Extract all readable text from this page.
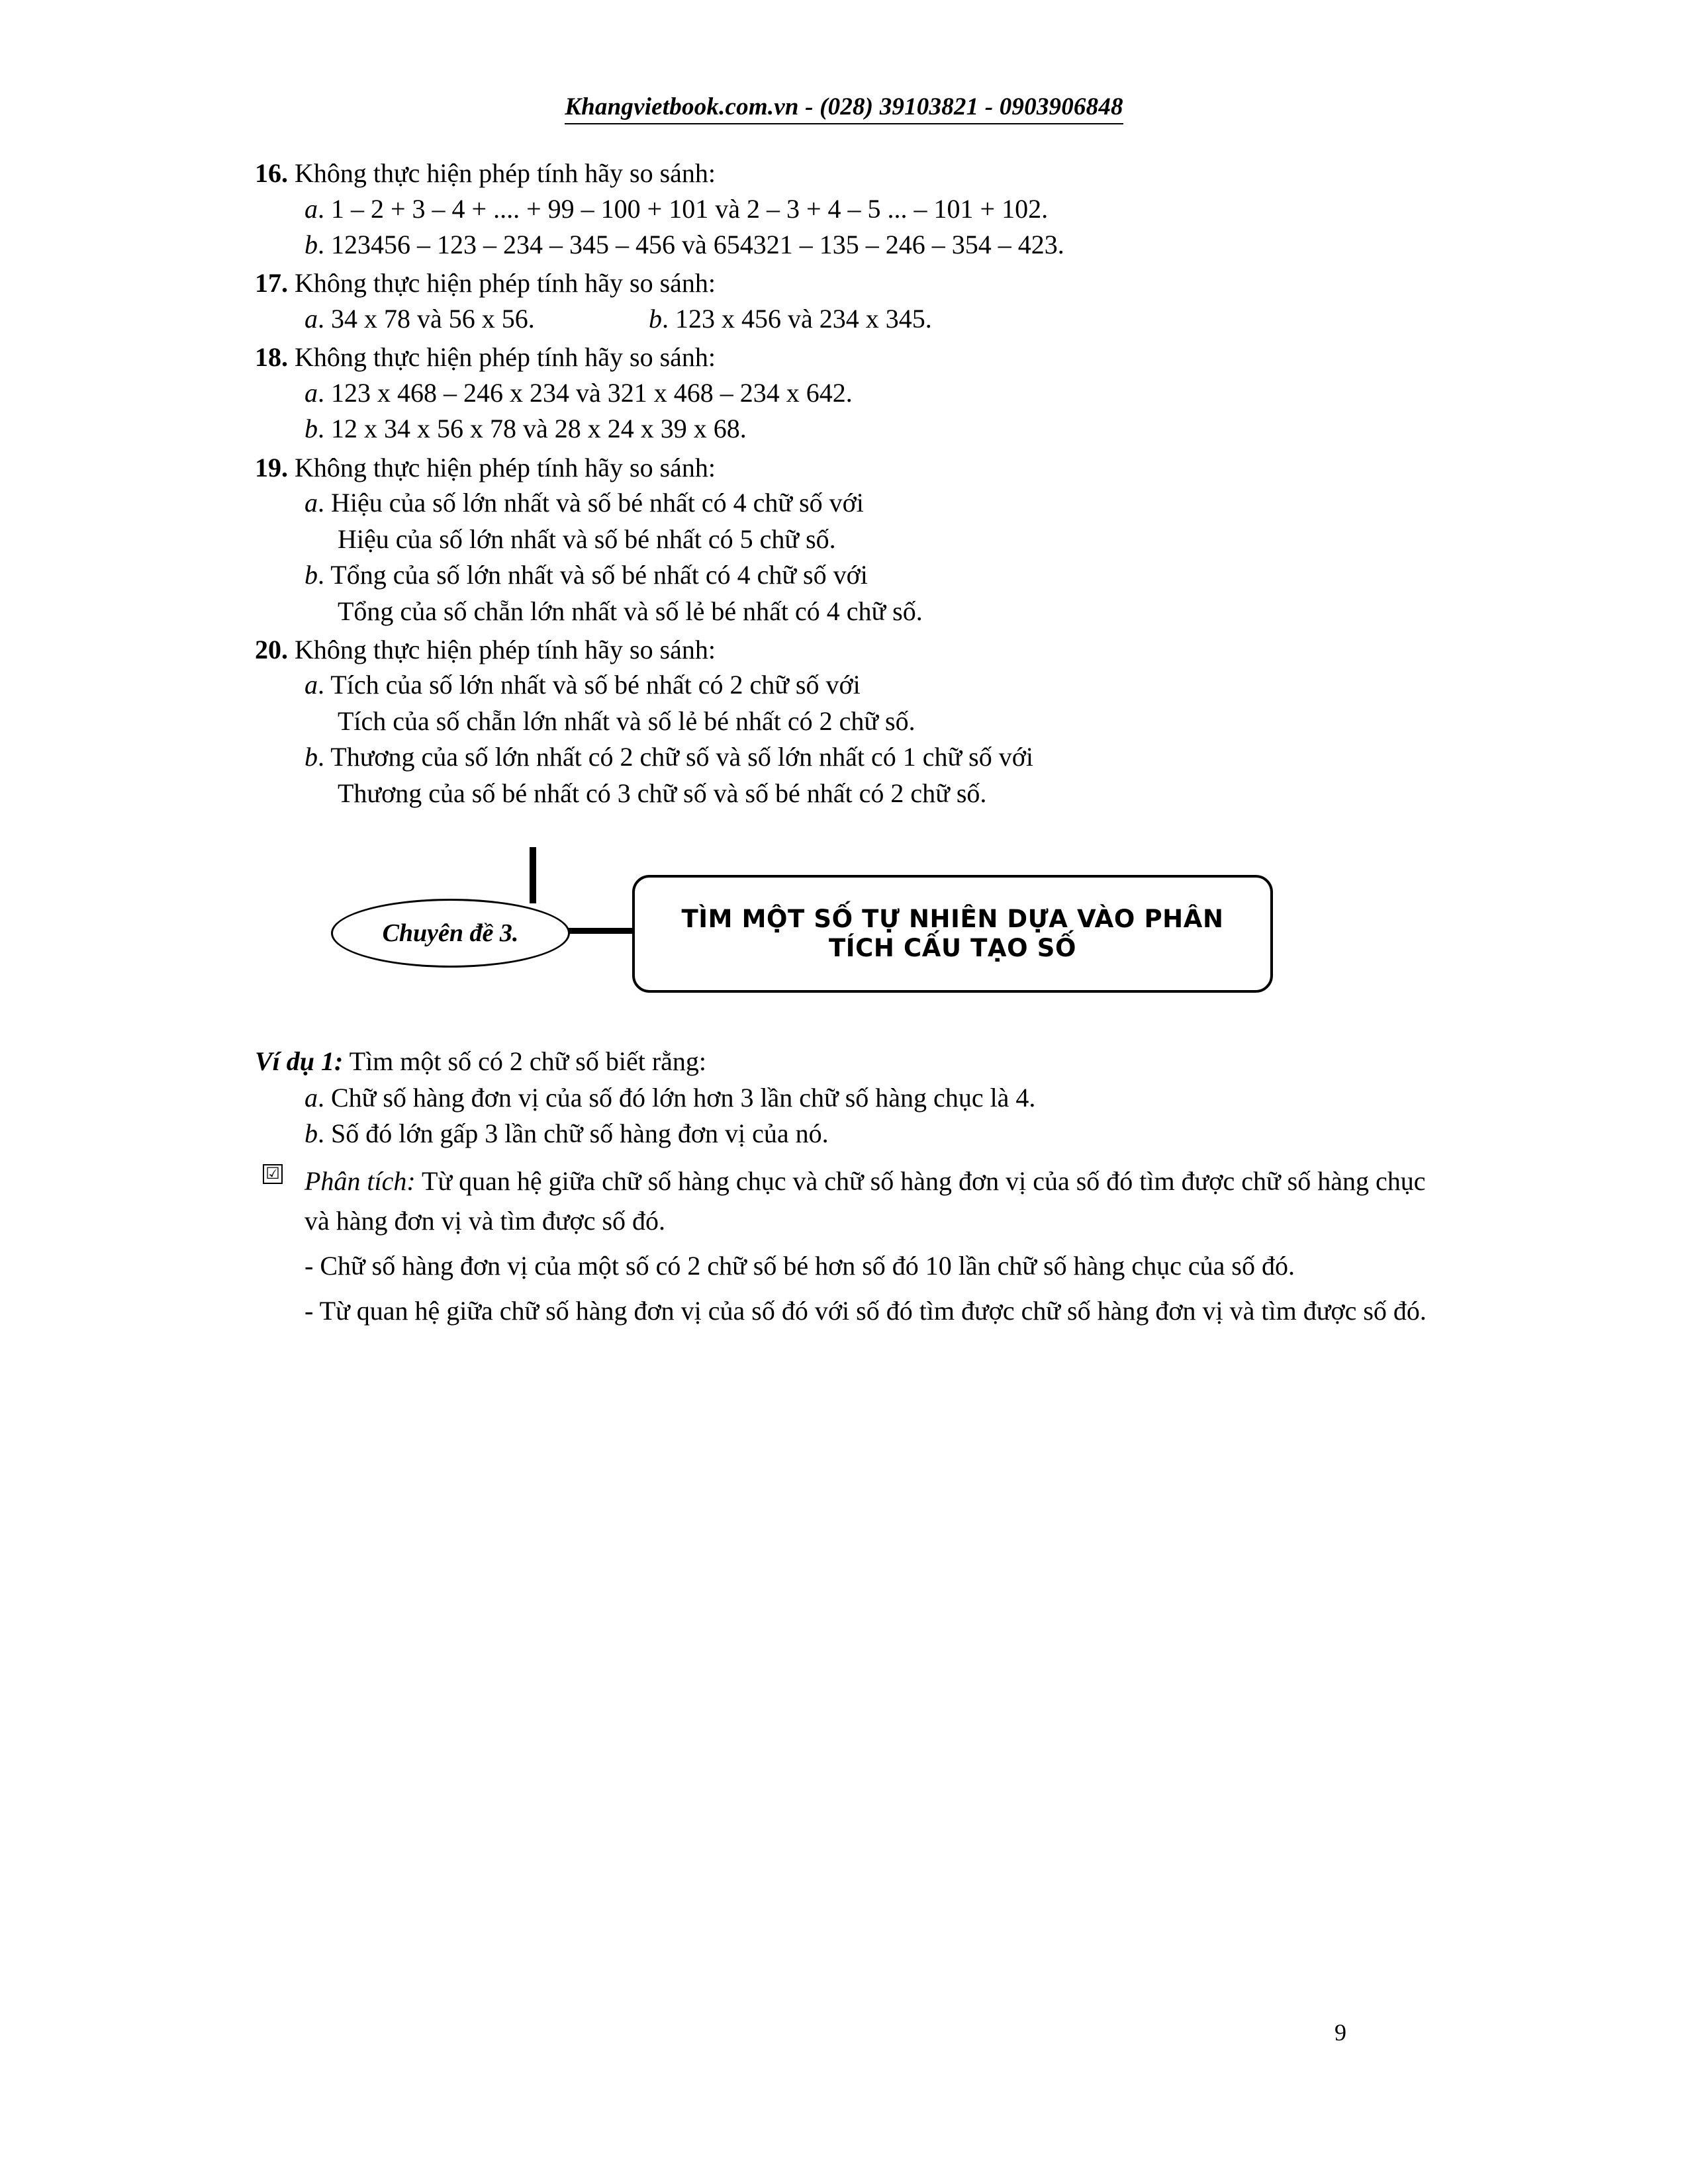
Khangvietbook.com.vn - (028) 39103821 - 0903906848
16. Không thực hiện phép tính hãy so sánh:
a. 1 – 2 + 3 – 4 + .... + 99 – 100 + 101 và 2 – 3 + 4 – 5 ... – 101 + 102.
b. 123456 – 123 – 234 – 345 – 456 và 654321 – 135 – 246 – 354 – 423.
17. Không thực hiện phép tính hãy so sánh:
a. 34 x 78 và 56 x 56.	b. 123 x 456 và 234 x 345.
18. Không thực hiện phép tính hãy so sánh:
a. 123 x 468 – 246 x 234 và 321 x 468 – 234 x 642.
b. 12 x 34 x 56 x 78 và 28 x 24 x 39 x 68.
19. Không thực hiện phép tính hãy so sánh:
a. Hiệu của số lớn nhất và số bé nhất có 4 chữ số với
Hiệu của số lớn nhất và số bé nhất có 5 chữ số.
b. Tổng của số lớn nhất và số bé nhất có 4 chữ số với
Tổng của số chẵn lớn nhất và số lẻ bé nhất có 4 chữ số.
20. Không thực hiện phép tính hãy so sánh:
a. Tích của số lớn nhất và số bé nhất có 2 chữ số với
Tích của số chẵn lớn nhất và số lẻ bé nhất có 2 chữ số.
b. Thương của số lớn nhất có 2 chữ số và số lớn nhất có 1 chữ số với
Thương của số bé nhất có 3 chữ số và số bé nhất có 2 chữ số.
Chuyên đề 3.
TÌM MỘT SỐ TỰ NHIÊN DỰA VÀO PHÂN
TÍCH CẤU TẠO SỐ
Ví dụ 1: Tìm một số có 2 chữ số biết rằng:
a. Chữ số hàng đơn vị của số đó lớn hơn 3 lần chữ số hàng chục là 4.
b. Số đó lớn gấp 3 lần chữ số hàng đơn vị của nó.
☑ Phân tích: Từ quan hệ giữa chữ số hàng chục và chữ số hàng đơn vị của số đó tìm được chữ số hàng chục và hàng đơn vị và tìm được số đó.
- Chữ số hàng đơn vị của một số có 2 chữ số bé hơn số đó 10 lần chữ số hàng chục của số đó.
- Từ quan hệ giữa chữ số hàng đơn vị của số đó với số đó tìm được chữ số hàng đơn vị và tìm được số đó.
9
